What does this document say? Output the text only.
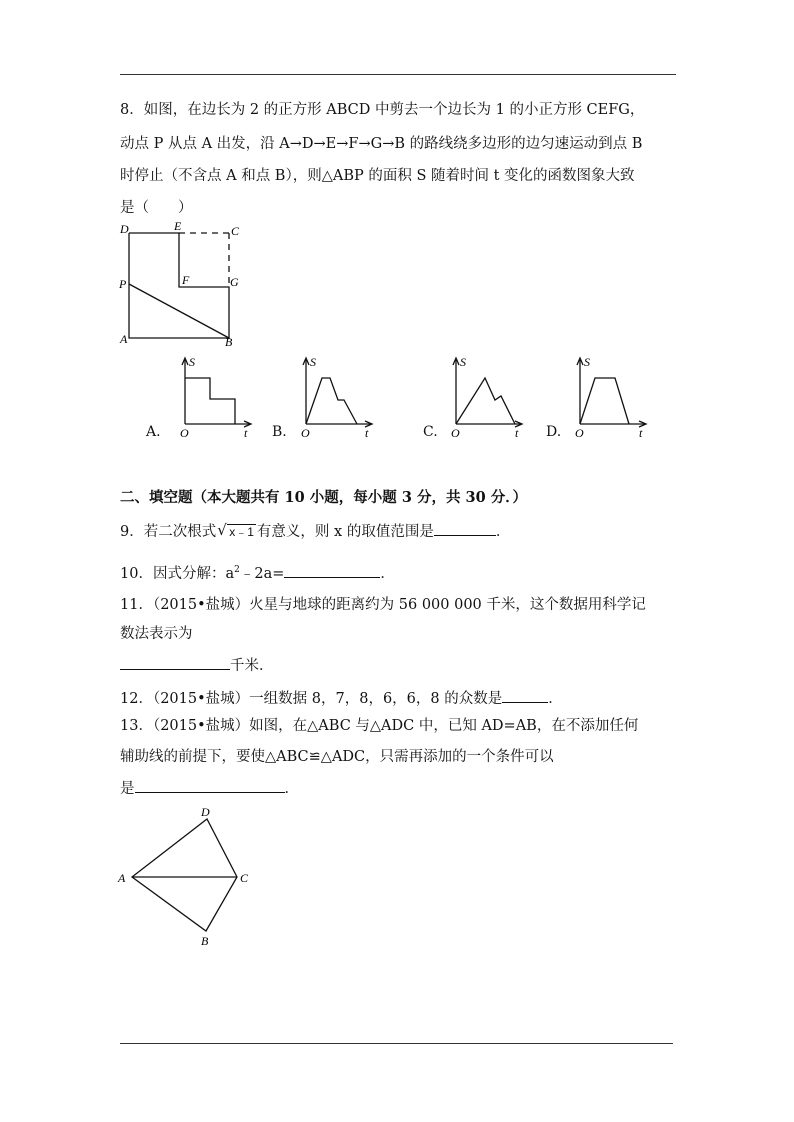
8．如图，在边长为 2 的正方形 ABCD 中剪去一个边长为 1 的小正方形 CEFG，
动点 P 从点 A 出发，沿 A→D→E→F→G→B 的路线绕多边形的边匀速运动到点 B
时停止（不含点 A 和点 B），则△ABP 的面积 S 随着时间 t 变化的函数图象大致
是（　　）
D	E	C
F	G
P
A	B
A.
S
O	t B.
S
O	t	C.
S
O	t D.
S
O	t
二、填空题（本大题共有 10 小题，每小题 3 分，共 30 分．）
9．若二次根式 √ x﹣1 有意义，则 x 的取值范围是	．
10．因式分解：$a^2﹣2a=$	．
11．（2015•盐城）火星与地球的距离约为 56 000 000 千米，这个数据用科学记
数法表示为
千米．
12．（2015•盐城）一组数据 8，7，8，6，6，8 的众数是	．
13．（2015•盐城）如图，在△ABC 与△ADC 中，已知 AD=AB，在不添加任何
辅助线的前提下，要使△ABC≌△ADC，只需再添加的一个条件可以
是	．
D
A	C
B
